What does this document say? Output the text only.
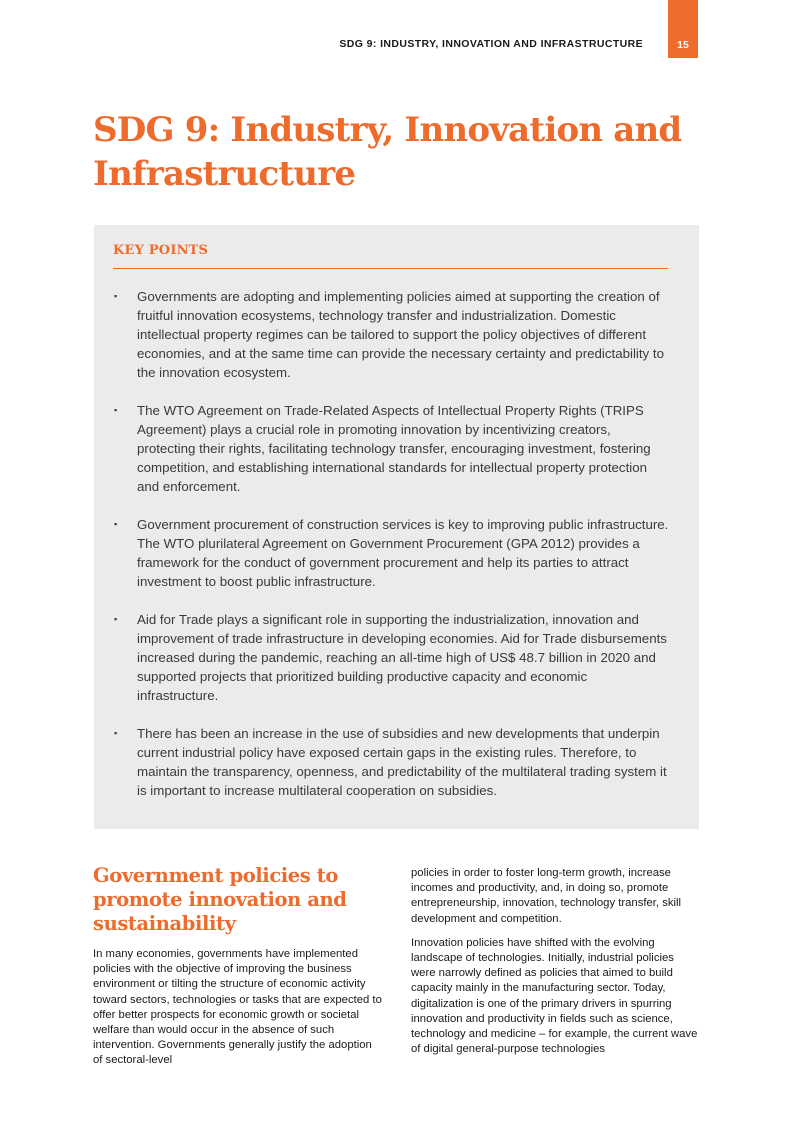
SDG 9: INDUSTRY, INNOVATION AND INFRASTRUCTURE	15
SDG 9: Industry, Innovation and
Infrastructure
KEY POINTS
▪ Governments are adopting and implementing policies aimed at supporting the creation of fruitful innovation ecosystems, technology transfer and industrialization. Domestic intellectual property regimes can be tailored to support the policy objectives of different economies, and at the same time can provide the necessary certainty and predictability to the innovation ecosystem.
▪ The WTO Agreement on Trade-Related Aspects of Intellectual Property Rights (TRIPS Agreement) plays a crucial role in promoting innovation by incentivizing creators, protecting their rights, facilitating technology transfer, encouraging investment, fostering competition, and establishing international standards for intellectual property protection and enforcement.
▪ Government procurement of construction services is key to improving public infrastructure. The WTO plurilateral Agreement on Government Procurement (GPA 2012) provides a framework for the conduct of government procurement and help its parties to attract investment to boost public infrastructure.
▪ Aid for Trade plays a significant role in supporting the industrialization, innovation and improvement of trade infrastructure in developing economies. Aid for Trade disbursements increased during the pandemic, reaching an all-time high of US$ 48.7 billion in 2020 and supported projects that prioritized building productive capacity and economic infrastructure.
▪ There has been an increase in the use of subsidies and new developments that underpin current industrial policy have exposed certain gaps in the existing rules. Therefore, to maintain the transparency, openness, and predictability of the multilateral trading system it is important to increase multilateral cooperation on subsidies.
Government policies to promote innovation and sustainability

In many economies, governments have implemented policies with the objective of improving the business environment or tilting the structure of economic activity toward sectors, technologies or tasks that are expected to offer better prospects for economic growth or societal welfare than would occur in the absence of such intervention. Governments generally justify the adoption of sectoral-level

policies in order to foster long-term growth, increase incomes and productivity, and, in doing so, promote entrepreneurship, innovation, technology transfer, skill development and competition.

Innovation policies have shifted with the evolving landscape of technologies. Initially, industrial policies were narrowly defined as policies that aimed to build capacity mainly in the manufacturing sector. Today, digitalization is one of the primary drivers in spurring innovation and productivity in fields such as science, technology and medicine – for example, the current wave of digital general-purpose technologies
